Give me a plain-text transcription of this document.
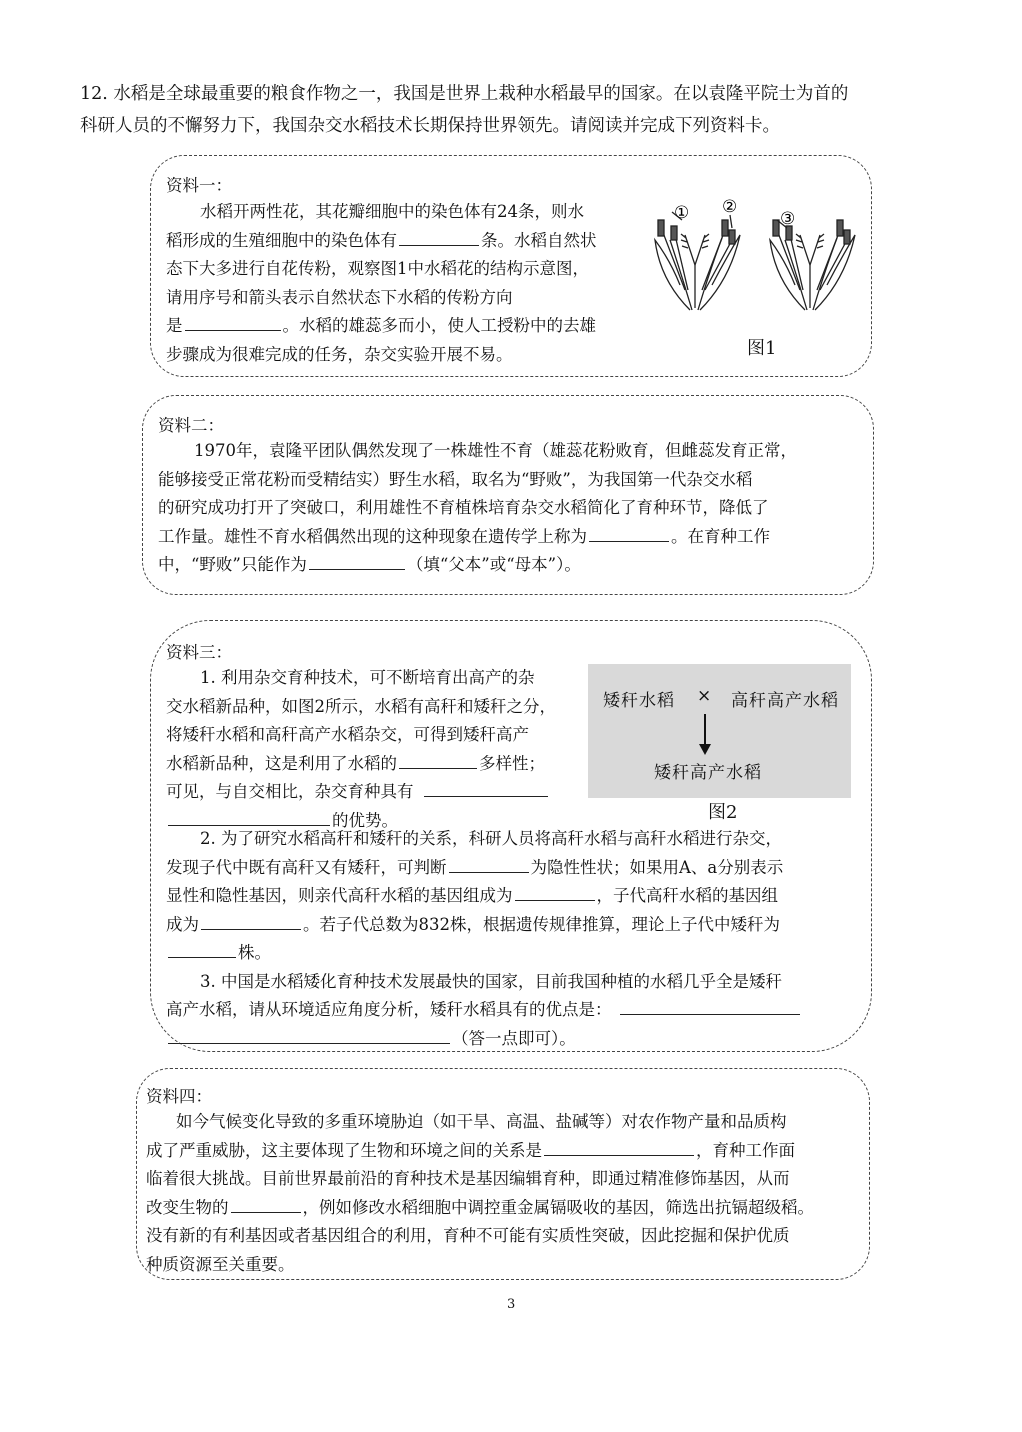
12. 水稻是全球最重要的粮食作物之一，我国是世界上栽种水稻最早的国家。在以袁隆平院士为首的
科研人员的不懈努力下，我国杂交水稻技术长期保持世界领先。请阅读并完成下列资料卡。
资料一：
水稻开两性花，其花瓣细胞中的染色体有24条，则水
稻形成的生殖细胞中的染色体有	条。水稻自然状
态下大多进行自花传粉，观察图1中水稻花的结构示意图，
请用序号和箭头表示自然状态下水稻的传粉方向
是	。水稻的雄蕊多而小，使人工授粉中的去雄
步骤成为很难完成的任务，杂交实验开展不易。
① ②
③
图1
资料二：
1970年，袁隆平团队偶然发现了一株雄性不育（雄蕊花粉败育，但雌蕊发育正常，
能够接受正常花粉而受精结实）野生水稻，取名为“野败”，为我国第一代杂交水稻
的研究成功打开了突破口，利用雄性不育植株培育杂交水稻简化了育种环节，降低了
工作量。雄性不育水稻偶然出现的这种现象在遗传学上称为	。在育种工作
中，“野败”只能作为	（填“父本”或“母本”）。
资料三：
1. 利用杂交育种技术，可不断培育出高产的杂
交水稻新品种，如图2所示，水稻有高秆和矮秆之分，
将矮秆水稻和高秆高产水稻杂交，可得到矮秆高产
水稻新品种，这是利用了水稻的	多样性；
可见，与自交相比，杂交育种具有
的优势。
矮秆水稻 × 高秆高产水稻
矮秆高产水稻
图2
2. 为了研究水稻高秆和矮秆的关系，科研人员将高秆水稻与高秆水稻进行杂交，
发现子代中既有高秆又有矮秆，可判断	为隐性性状；如果用A、a分别表示
显性和隐性基因，则亲代高秆水稻的基因组成为	，子代高秆水稻的基因组
成为	。若子代总数为832株，根据遗传规律推算，理论上子代中矮秆为
株。
3. 中国是水稻矮化育种技术发展最快的国家，目前我国种植的水稻几乎全是矮秆
高产水稻，请从环境适应角度分析，矮秆水稻具有的优点是：
（答一点即可）。
资料四：
如今气候变化导致的多重环境胁迫（如干旱、高温、盐碱等）对农作物产量和品质构
成了严重威胁，这主要体现了生物和环境之间的关系是	，育种工作面
临着很大挑战。目前世界最前沿的育种技术是基因编辑育种，即通过精准修饰基因，从而
改变生物的	，例如修改水稻细胞中调控重金属镉吸收的基因，筛选出抗镉超级稻。
没有新的有利基因或者基因组合的利用，育种不可能有实质性突破，因此挖掘和保护优质
种质资源至关重要。
3
